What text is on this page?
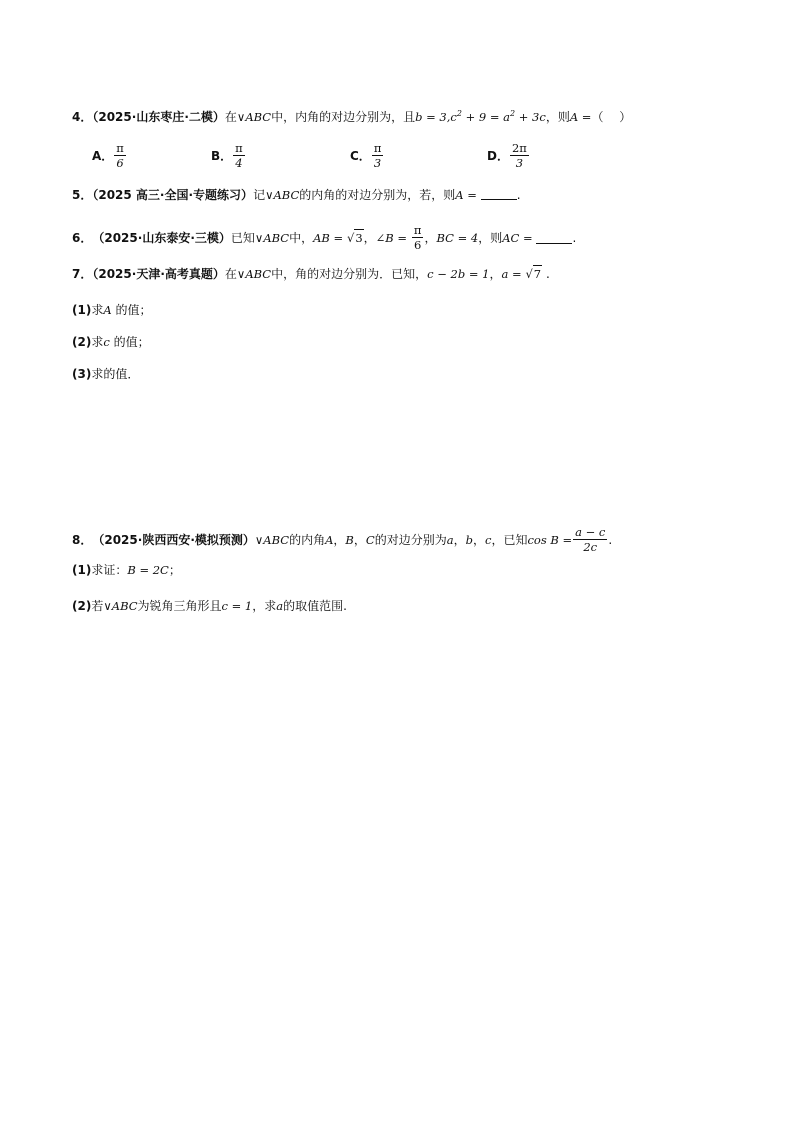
4．（2025·山东枣庄·二模）在∨ABC中，内角的对边分别为，且$b = 3,c^2 + 9 = a^2 + 3c$，则A =（　 ）
A． $\frac{\pi}{6}$	B． $\frac{\pi}{4}$	C． $\frac{\pi}{3}$	D． $\frac{2\pi}{3}$
5．（2025 高三·全国·专题练习）记∨ABC的内角的对边分别为，若，则A =	.
6． （2025·山东泰安·三模） 已知 ∨ABC 中， AB =
√3 ， ∠B =
$\frac{\pi}{6}$ ， BC = 4 ，则 AC =
	.
7．（2025·天津·高考真题）在∨ABC中，角的对边分别为．已知，c − 2b = 1，a = √7 .
(1)求A 的值；
(2)求c 的值；
(3)求的值．
8． （2025·陕西西安·模拟预测） ∨ABC 的内角 A ， B ， C 的对边分别为 a ， b ， c ，已知 $\cos B = \frac{a - c}{2c}$ .
(1)求证：B = 2C；
(2)若∨ABC为锐角三角形且c = 1，求a的取值范围.
